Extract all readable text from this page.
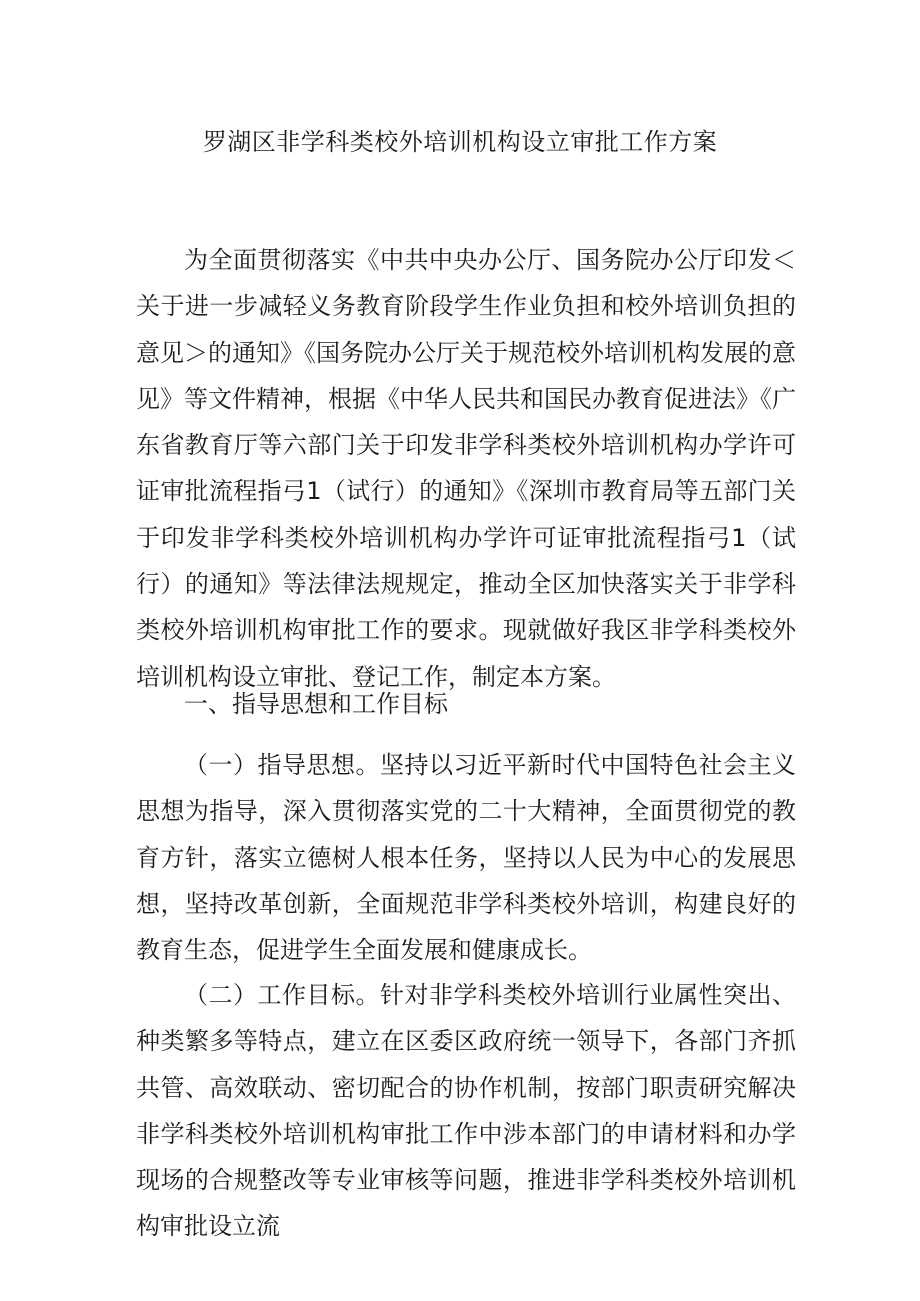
罗湖区非学科类校外培训机构设立审批工作方案

为全面贯彻落实《中共中央办公厅、国务院办公厅印发＜关于进一步减轻义务教育阶段学生作业负担和校外培训负担的意见＞的通知》《国务院办公厅关于规范校外培训机构发展的意见》等文件精神，根据《中华人民共和国民办教育促进法》《广东省教育厅等六部门关于印发非学科类校外培训机构办学许可证审批流程指弓1（试行）的通知》《深圳市教育局等五部门关于印发非学科类校外培训机构办学许可证审批流程指弓1（试行）的通知》等法律法规规定，推动全区加快落实关于非学科类校外培训机构审批工作的要求。现就做好我区非学科类校外培训机构设立审批、登记工作，制定本方案。

一、指导思想和工作目标

（一）指导思想。坚持以习近平新时代中国特色社会主义思想为指导，深入贯彻落实党的二十大精神，全面贯彻党的教育方针，落实立德树人根本任务，坚持以人民为中心的发展思想，坚持改革创新，全面规范非学科类校外培训，构建良好的教育生态，促进学生全面发展和健康成长。

（二）工作目标。针对非学科类校外培训行业属性突出、种类繁多等特点，建立在区委区政府统一领导下，各部门齐抓共管、高效联动、密切配合的协作机制，按部门职责研究解决非学科类校外培训机构审批工作中涉本部门的申请材料和办学现场的合规整改等专业审核等问题，推进非学科类校外培训机构审批设立流
